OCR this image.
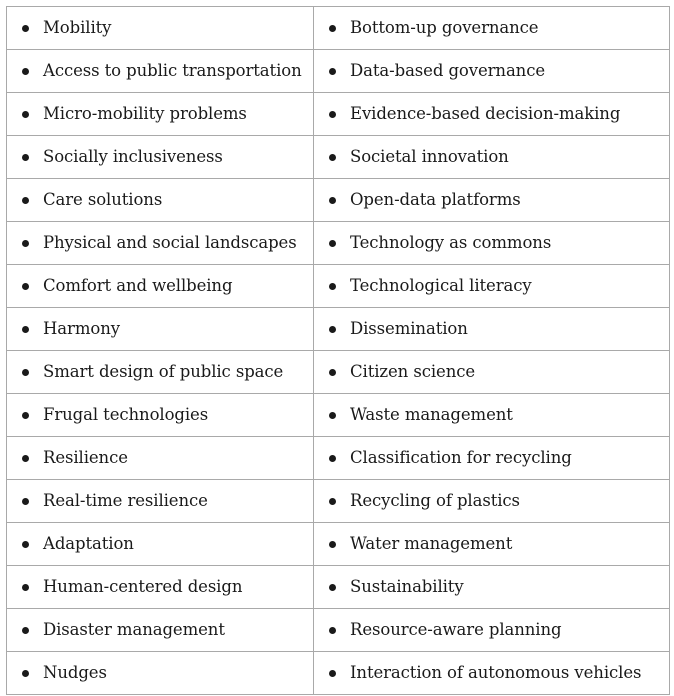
Mobility	Bottom-up governance

Access to public transportation	Data-based governance

Micro-mobility problems	Evidence-based decision-making

Socially inclusiveness	Societal innovation

Care solutions	Open-data platforms

Physical and social landscapes	Technology as commons

Comfort and wellbeing	Technological literacy

Harmony	Dissemination

Smart design of public space	Citizen science

Frugal technologies	Waste management

Resilience	Classification for recycling

Real-time resilience	Recycling of plastics

Adaptation	Water management

Human-centered design	Sustainability

Disaster management	Resource-aware planning

Nudges	Interaction of autonomous vehicles
